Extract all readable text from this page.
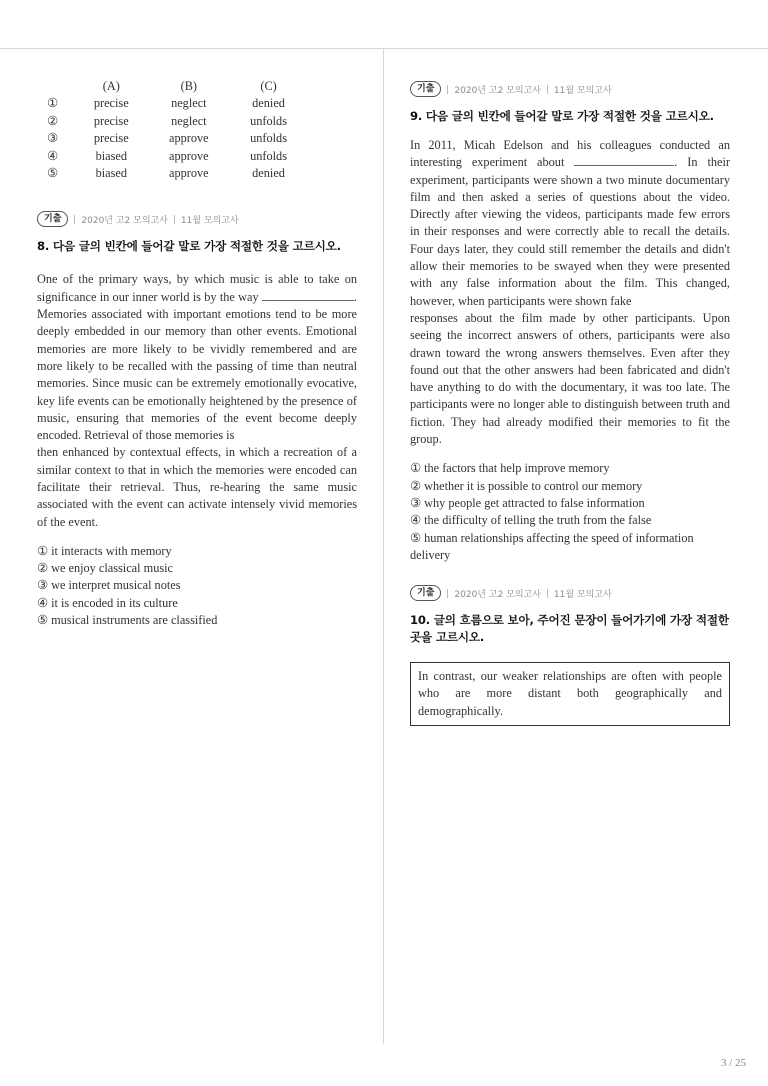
	(A)	(B)	(C)
①	precise	neglect	denied
②	precise	neglect	unfolds
③	precise	approve	unfolds
④	biased	approve	unfolds
⑤	biased	approve	denied
기출	2020년 고2 모의고사 11월 모의고사
8. 다음 글의 빈칸에 들어갈 말로 가장 적절한 것을 고르시오.

One of the primary ways, by which music is able to take on significance in our inner world is by the way	. Memories associated with important emotions tend to be more deeply embedded in our memory than other events. Emotional memories are more likely to be vividly remembered and are more likely to be recalled with the passing of time than neutral memories. Since music can be extremely emotionally evocative, key life events can be emotionally heightened by the presence of music, ensuring that memories of the event become deeply encoded. Retrieval of those memories is

then enhanced by contextual effects, in which a recreation of a similar context to that in which the memories were encoded can facilitate their retrieval. Thus, re-hearing the same music associated with the event can activate intensely vivid memories of the event.

① it interacts with memory
② we enjoy classical music
③ we interpret musical notes
④ it is encoded in its culture
⑤ musical instruments are classified
기출	2020년 고2 모의고사 11월 모의고사
9. 다음 글의 빈칸에 들어갈 말로 가장 적절한 것을 고르시오.

In 2011, Micah Edelson and his colleagues conducted an interesting experiment about	. In their experiment, participants were shown a two minute documentary film and then asked a series of questions about the video. Directly after viewing the videos, participants made few errors in their responses and were correctly able to recall the details. Four days later, they could still remember the details and didn't allow their memories to be swayed when they were presented with any false information about the film. This changed, however, when participants were shown fake

responses about the film made by other participants. Upon seeing the incorrect answers of others, participants were also drawn toward the wrong answers themselves. Even after they found out that the other answers had been fabricated and didn't have anything to do with the documentary, it was too late. The participants were no longer able to distinguish between truth and fiction. They had already modified their memories to fit the group.

① the factors that help improve memory
② whether it is possible to control our memory
③ why people get attracted to false information
④ the difficulty of telling the truth from the false
⑤ human relationships affecting the speed of information delivery
기출	2020년 고2 모의고사 11월 모의고사
10. 글의 흐름으로 보아, 주어진 문장이 들어가기에 가장 적절한 곳을 고르시오.
In contrast, our weaker relationships are often with people who are more distant both geographically and demographically.
3 / 25
